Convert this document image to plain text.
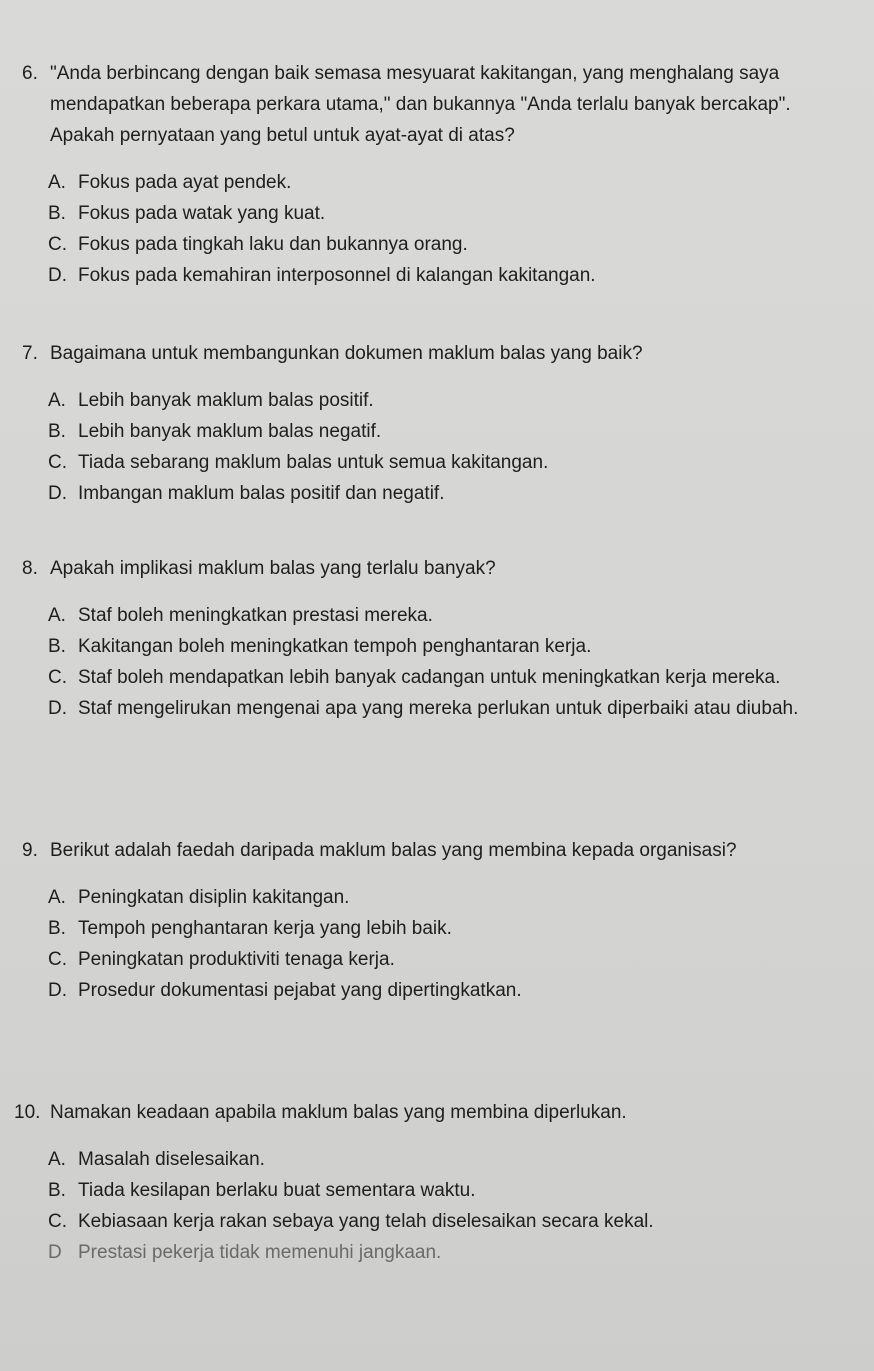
6. "Anda berbincang dengan baik semasa mesyuarat kakitangan, yang menghalang saya mendapatkan beberapa perkara utama," dan bukannya "Anda terlalu banyak bercakap". Apakah pernyataan yang betul untuk ayat-ayat di atas?
A. Fokus pada ayat pendek.
B. Fokus pada watak yang kuat.
C. Fokus pada tingkah laku dan bukannya orang.
D. Fokus pada kemahiran interposonnel di kalangan kakitangan.
7. Bagaimana untuk membangunkan dokumen maklum balas yang baik?
A. Lebih banyak maklum balas positif.
B. Lebih banyak maklum balas negatif.
C. Tiada sebarang maklum balas untuk semua kakitangan.
D. Imbangan maklum balas positif dan negatif.
8. Apakah implikasi maklum balas yang terlalu banyak?
A. Staf boleh meningkatkan prestasi mereka.
B. Kakitangan boleh meningkatkan tempoh penghantaran kerja.
C. Staf boleh mendapatkan lebih banyak cadangan untuk meningkatkan kerja mereka.
D. Staf mengelirukan mengenai apa yang mereka perlukan untuk diperbaiki atau diubah.
9. Berikut adalah faedah daripada maklum balas yang membina kepada organisasi?
A. Peningkatan disiplin kakitangan.
B. Tempoh penghantaran kerja yang lebih baik.
C. Peningkatan produktiviti tenaga kerja.
D. Prosedur dokumentasi pejabat yang dipertingkatkan.
10. Namakan keadaan apabila maklum balas yang membina diperlukan.
A. Masalah diselesaikan.
B. Tiada kesilapan berlaku buat sementara waktu.
C. Kebiasaan kerja rakan sebaya yang telah diselesaikan secara kekal.
D Prestasi pekerja tidak memenuhi jangkaan.
